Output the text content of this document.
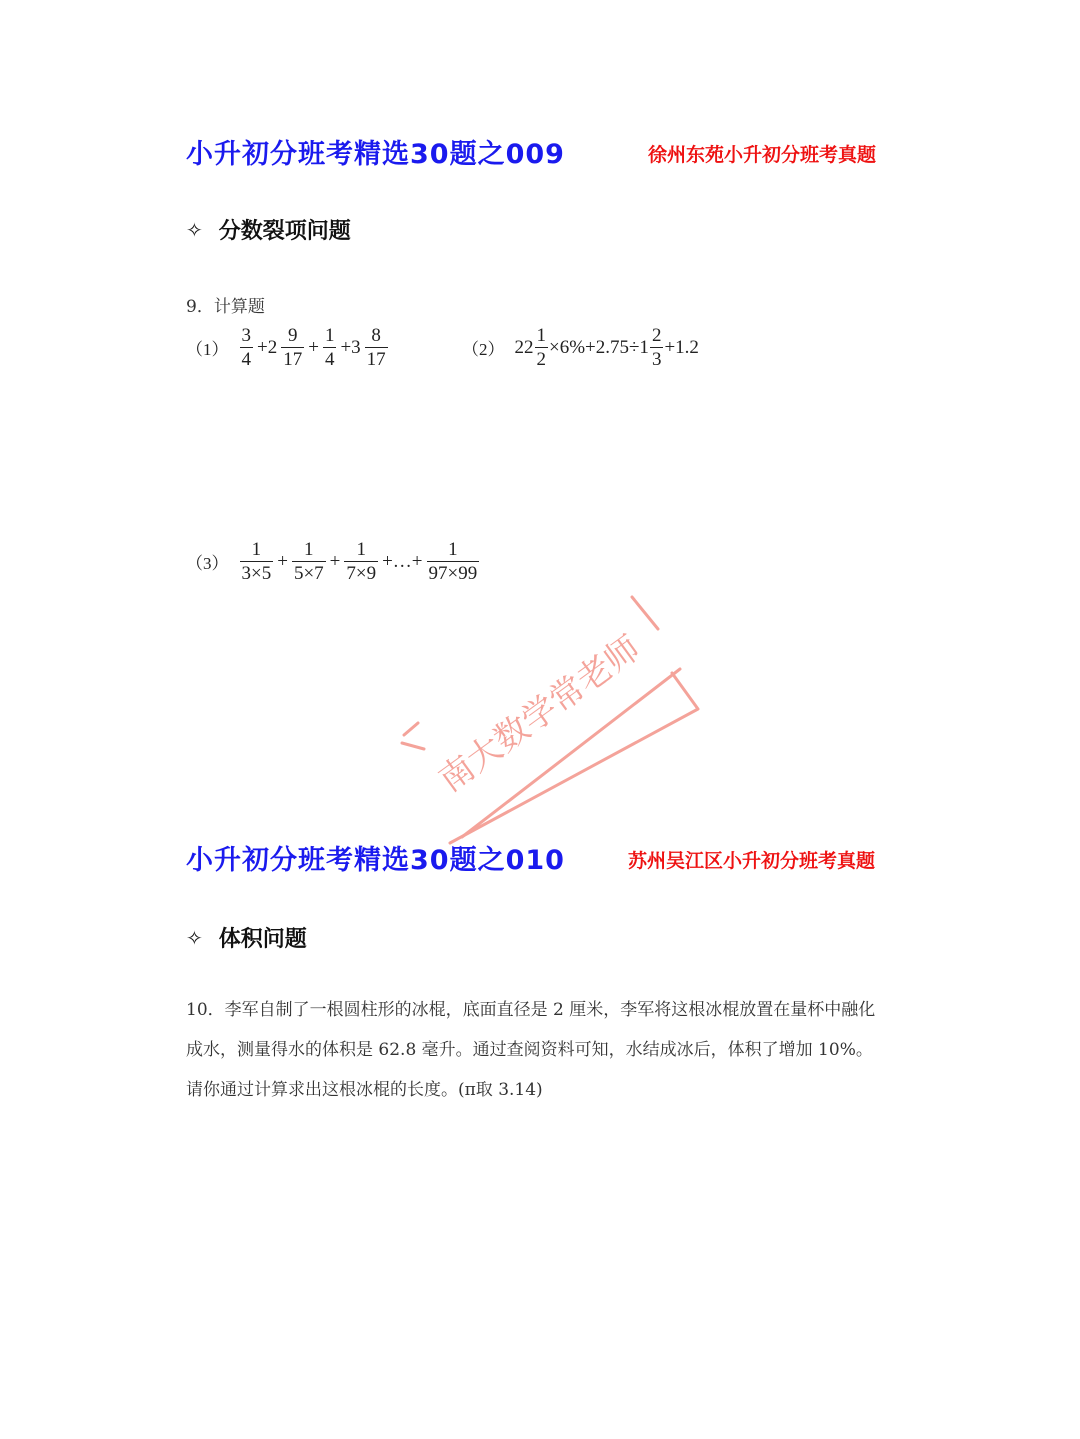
小升初分班考精选30题之009	徐州东苑小升初分班考真题
✧ 分数裂项问题
9．计算题
$(1) \frac{3}{4} +2 \frac{9}{17} + \frac{1}{4} +3 \frac{8}{17}$	（2） $22 \frac{1}{2} \times 6\%+2.75\div 1 \frac{2}{3} +1.2$
$(3) \frac{1}{3\times 5} + \frac{1}{5\times 7} + \frac{1}{7\times 9}$ +…+ $\frac{1}{97\times 99}$
南大数学常老师
小升初分班考精选30题之010	苏州吴江区小升初分班考真题
✧ 体积问题

10．李军自制了一根圆柱形的冰棍，底面直径是 2 厘米，李军将这根冰棍放置在量杯中融化

成水，测量得水的体积是 62.8 毫升。通过查阅资料可知，水结成冰后，体积了增加 10%。

请你通过计算求出这根冰棍的长度。(π取 3.14)
